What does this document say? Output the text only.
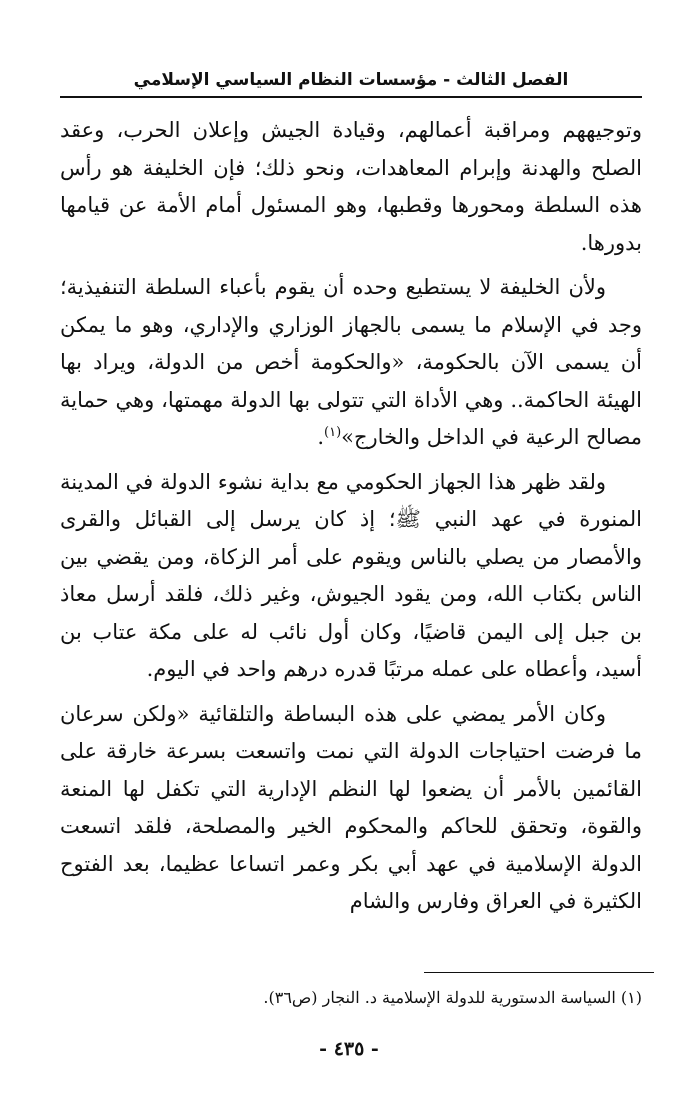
الفصل الثالث - مؤسسات النظام السياسي الإسلامي

وتوجيههم ومراقبة أعمالهم، وقيادة الجيش وإعلان الحرب، وعقد الصلح والهدنة وإبرام المعاهدات، ونحو ذلك؛ فإن الخليفة هو رأس هذه السلطة ومحورها وقطبها، وهو المسئول أمام الأمة عن قيامها بدورها.

ولأن الخليفة لا يستطيع وحده أن يقوم بأعباء السلطة التنفيذية؛ وجد في الإسلام ما يسمى بالجهاز الوزاري والإداري، وهو ما يمكن أن يسمى الآن بالحكومة، «والحكومة أخص من الدولة، ويراد بها الهيئة الحاكمة.. وهي الأداة التي تتولى بها الدولة مهمتها، وهي حماية مصالح الرعية في الداخل والخارج»$^{(١)}$.

ولقد ظهر هذا الجهاز الحكومي مع بداية نشوء الدولة في المدينة المنورة في عهد النبي ﷺ؛ إذ كان يرسل إلى القبائل والقرى والأمصار من يصلي بالناس ويقوم على أمر الزكاة، ومن يقضي بين الناس بكتاب الله، ومن يقود الجيوش، وغير ذلك، فلقد أرسل معاذ بن جبل إلى اليمن قاضيًا، وكان أول نائب له على مكة عتاب بن أسيد، وأعطاه على عمله مرتبًا قدره درهم واحد في اليوم.

وكان الأمر يمضي على هذه البساطة والتلقائية «ولكن سرعان ما فرضت احتياجات الدولة التي نمت واتسعت بسرعة خارقة على القائمين بالأمر أن يضعوا لها النظم الإدارية التي تكفل لها المنعة والقوة، وتحقق للحاكم والمحكوم الخير والمصلحة، فلقد اتسعت الدولة الإسلامية في عهد أبي بكر وعمر اتساعا عظيما، بعد الفتوح الكثيرة في العراق وفارس والشام

(١) السياسة الدستورية للدولة الإسلامية د. النجار (ص٣٦).
- ٤٣٥ -
